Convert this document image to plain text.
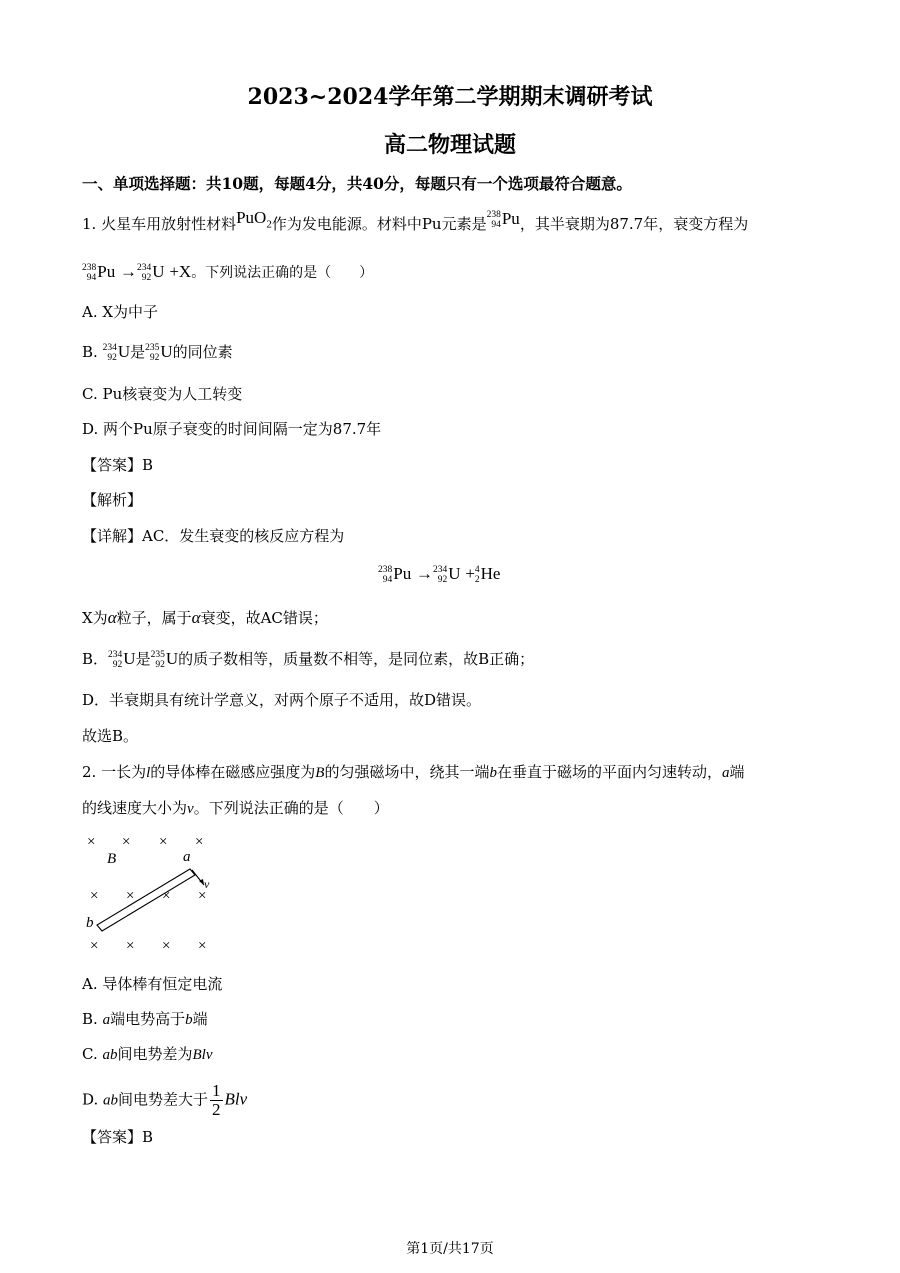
2023~2024学年第二学期期末调研考试
高二物理试题
一、单项选择题：共10题，每题4分，共40分，每题只有一个选项最符合题意。
1. 火星车用放射性材料PuO$_2$作为发电能源。材料中Pu元素是 238
94 Pu，其半衰期为87.7年，衰变方程为
238
94 Pu → 234
92 U +X。下列说法正确的是（　　）
A. X为中子
B. 234
92 U是 235
92 U的同位素
C. Pu核衰变为人工转变
D. 两个Pu原子衰变的时间间隔一定为87.7年
【答案】B
【解析】
【详解】AC．发生衰变的核反应方程为
238
94 Pu → 234
92 U + 4
2 He
X为α粒子，属于α衰变，故AC错误；
B． 234
92 U是 235
92 U的质子数相等，质量数不相等，是同位素，故B正确；
D．半衰期具有统计学意义，对两个原子不适用，故D错误。
故选B。
2. 一长为l的导体棒在磁感应强度为B的匀强磁场中，绕其一端b在垂直于磁场的平面内匀速转动，a端
的线速度大小为v。下列说法正确的是（　　）
× × × ×
× × × ×
× × × ×
B	a
b
v
A. 导体棒有恒定电流
B. a端电势高于b端
C. ab间电势差为Blv
D. ab间电势差大于 $\frac{1}{2}$ Blv
【答案】B
第1页/共17页
